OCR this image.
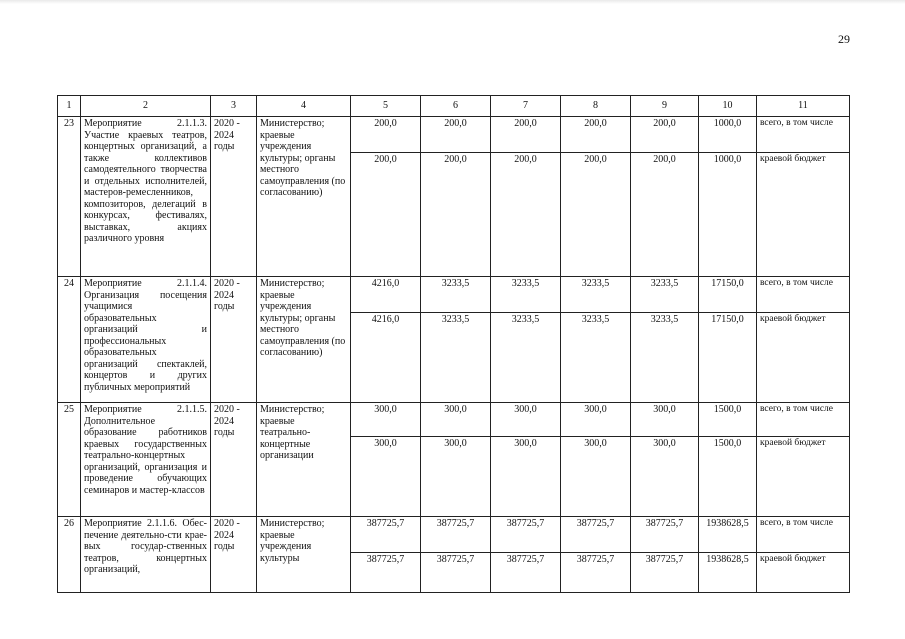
29
1	2	3	4	5	6	7	8	9	10	11
23	Мероприятие 2.1.1.3. Участие краевых театров, концертных организаций, а также коллективов самодеятельного творчества и отдельных исполнителей, мастеров-ремесленников, композиторов, делегаций в конкурсах, фестивалях, выставках, акциях различного уровня	2020 - 2024 годы	Министерство; краевые учреждения культуры; органы местного самоуправления (по согласованию)	200,0	200,0	200,0	200,0	200,0	1000,0	всего, в том числе
				200,0	200,0	200,0	200,0	200,0	1000,0	краевой бюджет
24	Мероприятие 2.1.1.4. Организация посещения учащимися образовательных организаций и профессиональных образовательных организаций спектаклей, концертов и других публичных мероприятий	2020 - 2024 годы	Министерство; краевые учреждения культуры; органы местного самоуправления (по согласованию)	4216,0	3233,5	3233,5	3233,5	3233,5	17150,0	всего, в том числе
				4216,0	3233,5	3233,5	3233,5	3233,5	17150,0	краевой бюджет
25	Мероприятие 2.1.1.5. Дополнительное образование работников краевых государственных театрально-концертных организаций, организация и проведение обучающих семинаров и мастер-классов	2020 - 2024 годы	Министерство; краевые театрально-концертные организации	300,0	300,0	300,0	300,0	300,0	1500,0	всего, в том числе
				300,0	300,0	300,0	300,0	300,0	1500,0	краевой бюджет
26	Мероприятие 2.1.1.6. Обес-печение деятельно-сти крае-вых государ-ственных театров, концертных организаций,	2020 - 2024 годы	Министерство; краевые учреждения культуры	387725,7	387725,7	387725,7	387725,7	387725,7	1938628,5	всего, в том числе
				387725,7	387725,7	387725,7	387725,7	387725,7	1938628,5	краевой бюджет
